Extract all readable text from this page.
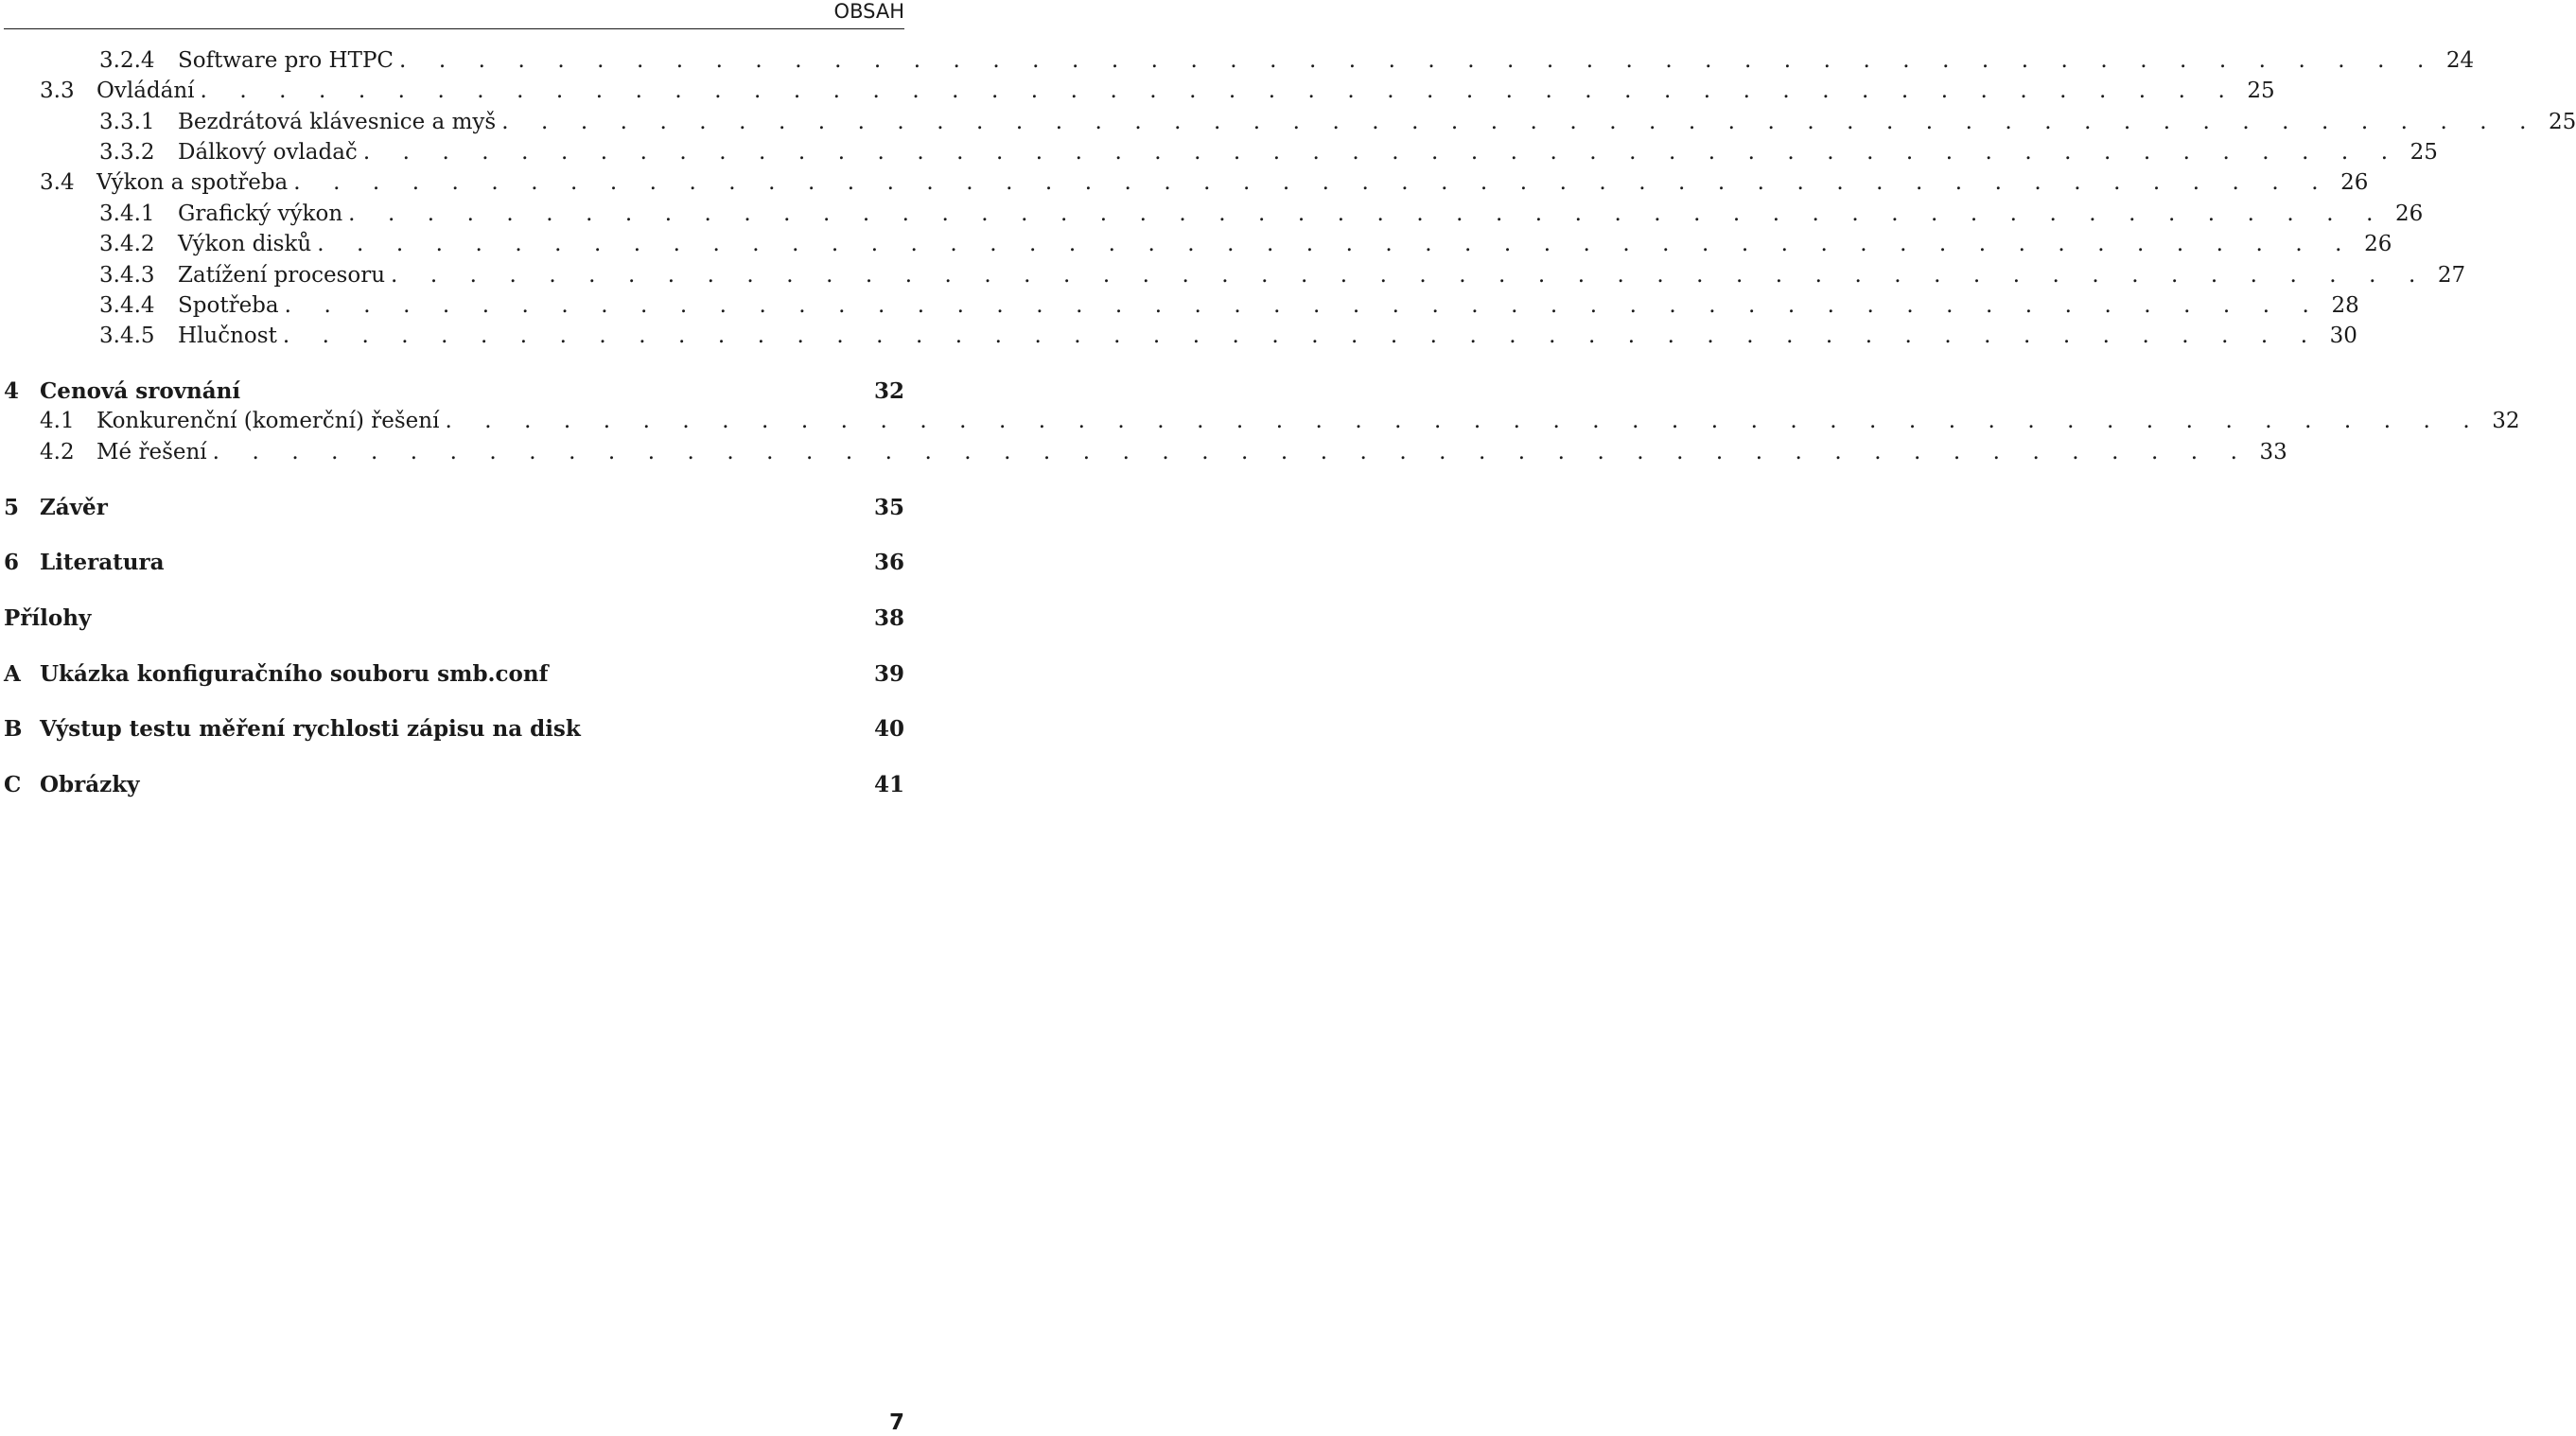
OBSAH
3.2.4	Software pro HTPC . . . . . . . . . . . . . . . . . . . . . . . . . . . . . . . . . . . . . . . . . . . . . . . . . . . . 24
3.3	Ovládání . . . . . . . . . . . . . . . . . . . . . . . . . . . . . . . . . . . . . . . . . . . . . . . . . . . . 25
3.3.1	Bezdrátová klávesnice a myš . . . . . . . . . . . . . . . . . . . . . . . . . . . . . . . . . . . . . . . . . . . . . . . . . . . . 25
3.3.2	Dálkový ovladač . . . . . . . . . . . . . . . . . . . . . . . . . . . . . . . . . . . . . . . . . . . . . . . . . . . . 25
3.4	Výkon a spotřeba . . . . . . . . . . . . . . . . . . . . . . . . . . . . . . . . . . . . . . . . . . . . . . . . . . . . 26
3.4.1	Grafický výkon . . . . . . . . . . . . . . . . . . . . . . . . . . . . . . . . . . . . . . . . . . . . . . . . . . . . 26
3.4.2	Výkon disků . . . . . . . . . . . . . . . . . . . . . . . . . . . . . . . . . . . . . . . . . . . . . . . . . . . . 26
3.4.3	Zatížení procesoru . . . . . . . . . . . . . . . . . . . . . . . . . . . . . . . . . . . . . . . . . . . . . . . . . . . . 27
3.4.4	Spotřeba . . . . . . . . . . . . . . . . . . . . . . . . . . . . . . . . . . . . . . . . . . . . . . . . . . . . 28
3.4.5	Hlučnost . . . . . . . . . . . . . . . . . . . . . . . . . . . . . . . . . . . . . . . . . . . . . . . . . . . . 30
4 Cenová srovnání	32
4.1	Konkurenční (komerční) řešení . . . . . . . . . . . . . . . . . . . . . . . . . . . . . . . . . . . . . . . . . . . . . . . . . . . . 32
4.2	Mé řešení . . . . . . . . . . . . . . . . . . . . . . . . . . . . . . . . . . . . . . . . . . . . . . . . . . . . 33
5 Závěr	35
6 Literatura	36
Přílohy	38
A Ukázka konfiguračního souboru smb.conf	39
B Výstup testu měření rychlosti zápisu na disk	40
C Obrázky	41
7
